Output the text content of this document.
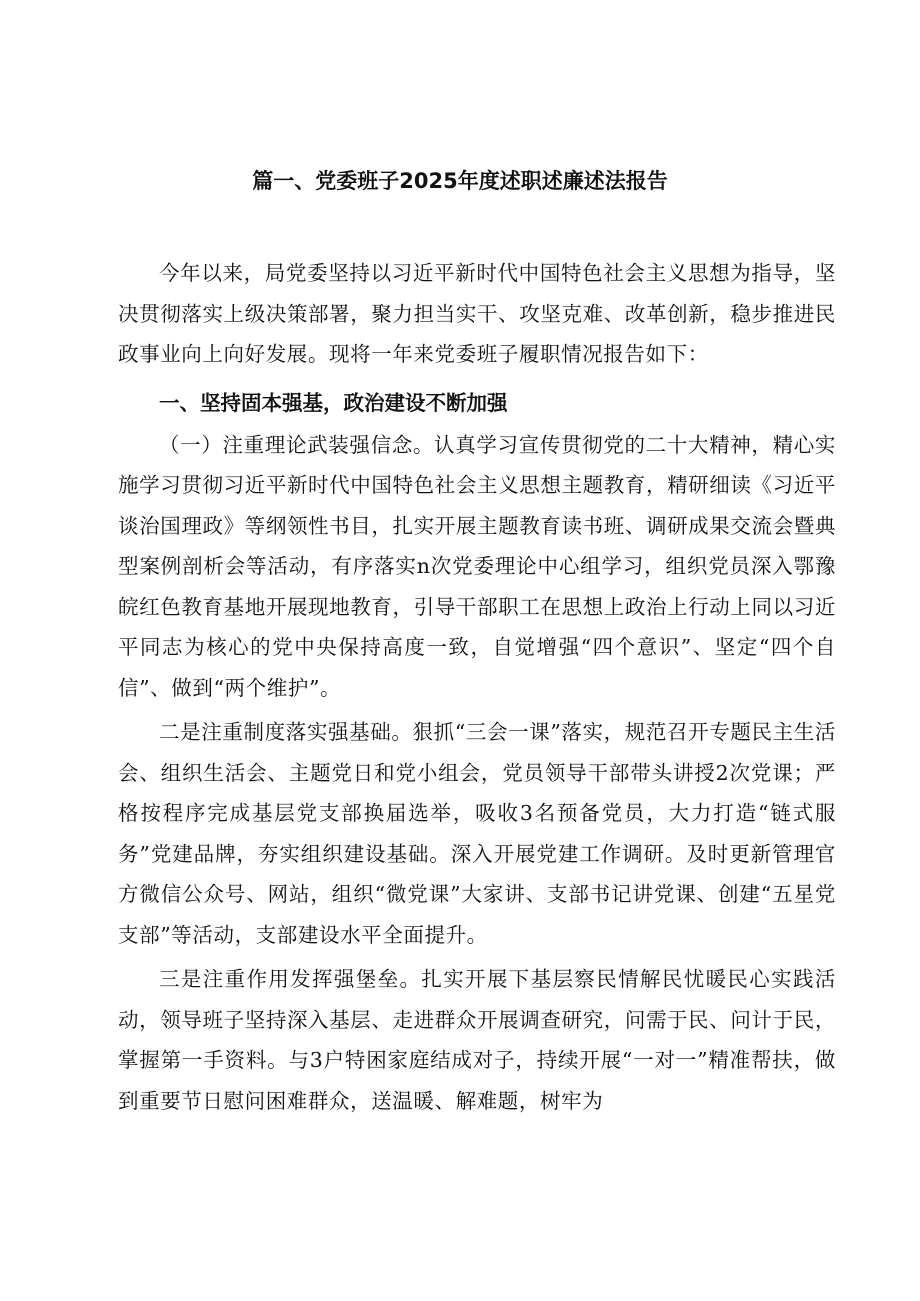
篇一、党委班子2025年度述职述廉述法报告

今年以来，局党委坚持以习近平新时代中国特色社会主义思想为指导，坚决贯彻落实上级决策部署，聚力担当实干、攻坚克难、改革创新，稳步推进民政事业向上向好发展。现将一年来党委班子履职情况报告如下：

一、坚持固本强基，政治建设不断加强

（一）注重理论武装强信念。认真学习宣传贯彻党的二十大精神，精心实施学习贯彻习近平新时代中国特色社会主义思想主题教育，精研细读《习近平谈治国理政》等纲领性书目，扎实开展主题教育读书班、调研成果交流会暨典型案例剖析会等活动，有序落实n次党委理论中心组学习，组织党员深入鄂豫皖红色教育基地开展现地教育，引导干部职工在思想上政治上行动上同以习近平同志为核心的党中央保持高度一致，自觉增强“四个意识”、坚定“四个自信”、做到“两个维护”。

二是注重制度落实强基础。狠抓“三会一课”落实，规范召开专题民主生活会、组织生活会、主题党日和党小组会，党员领导干部带头讲授2次党课；严格按程序完成基层党支部换届选举，吸收3名预备党员，大力打造“链式服务”党建品牌，夯实组织建设基础。深入开展党建工作调研。及时更新管理官方微信公众号、网站，组织“微党课”大家讲、支部书记讲党课、创建“五星党支部”等活动，支部建设水平全面提升。

三是注重作用发挥强堡垒。扎实开展下基层察民情解民忧暖民心实践活动，领导班子坚持深入基层、走进群众开展调查研究，问需于民、问计于民，掌握第一手资料。与3户特困家庭结成对子，持续开展“一对一”精准帮扶，做到重要节日慰问困难群众，送温暖、解难题，树牢为
